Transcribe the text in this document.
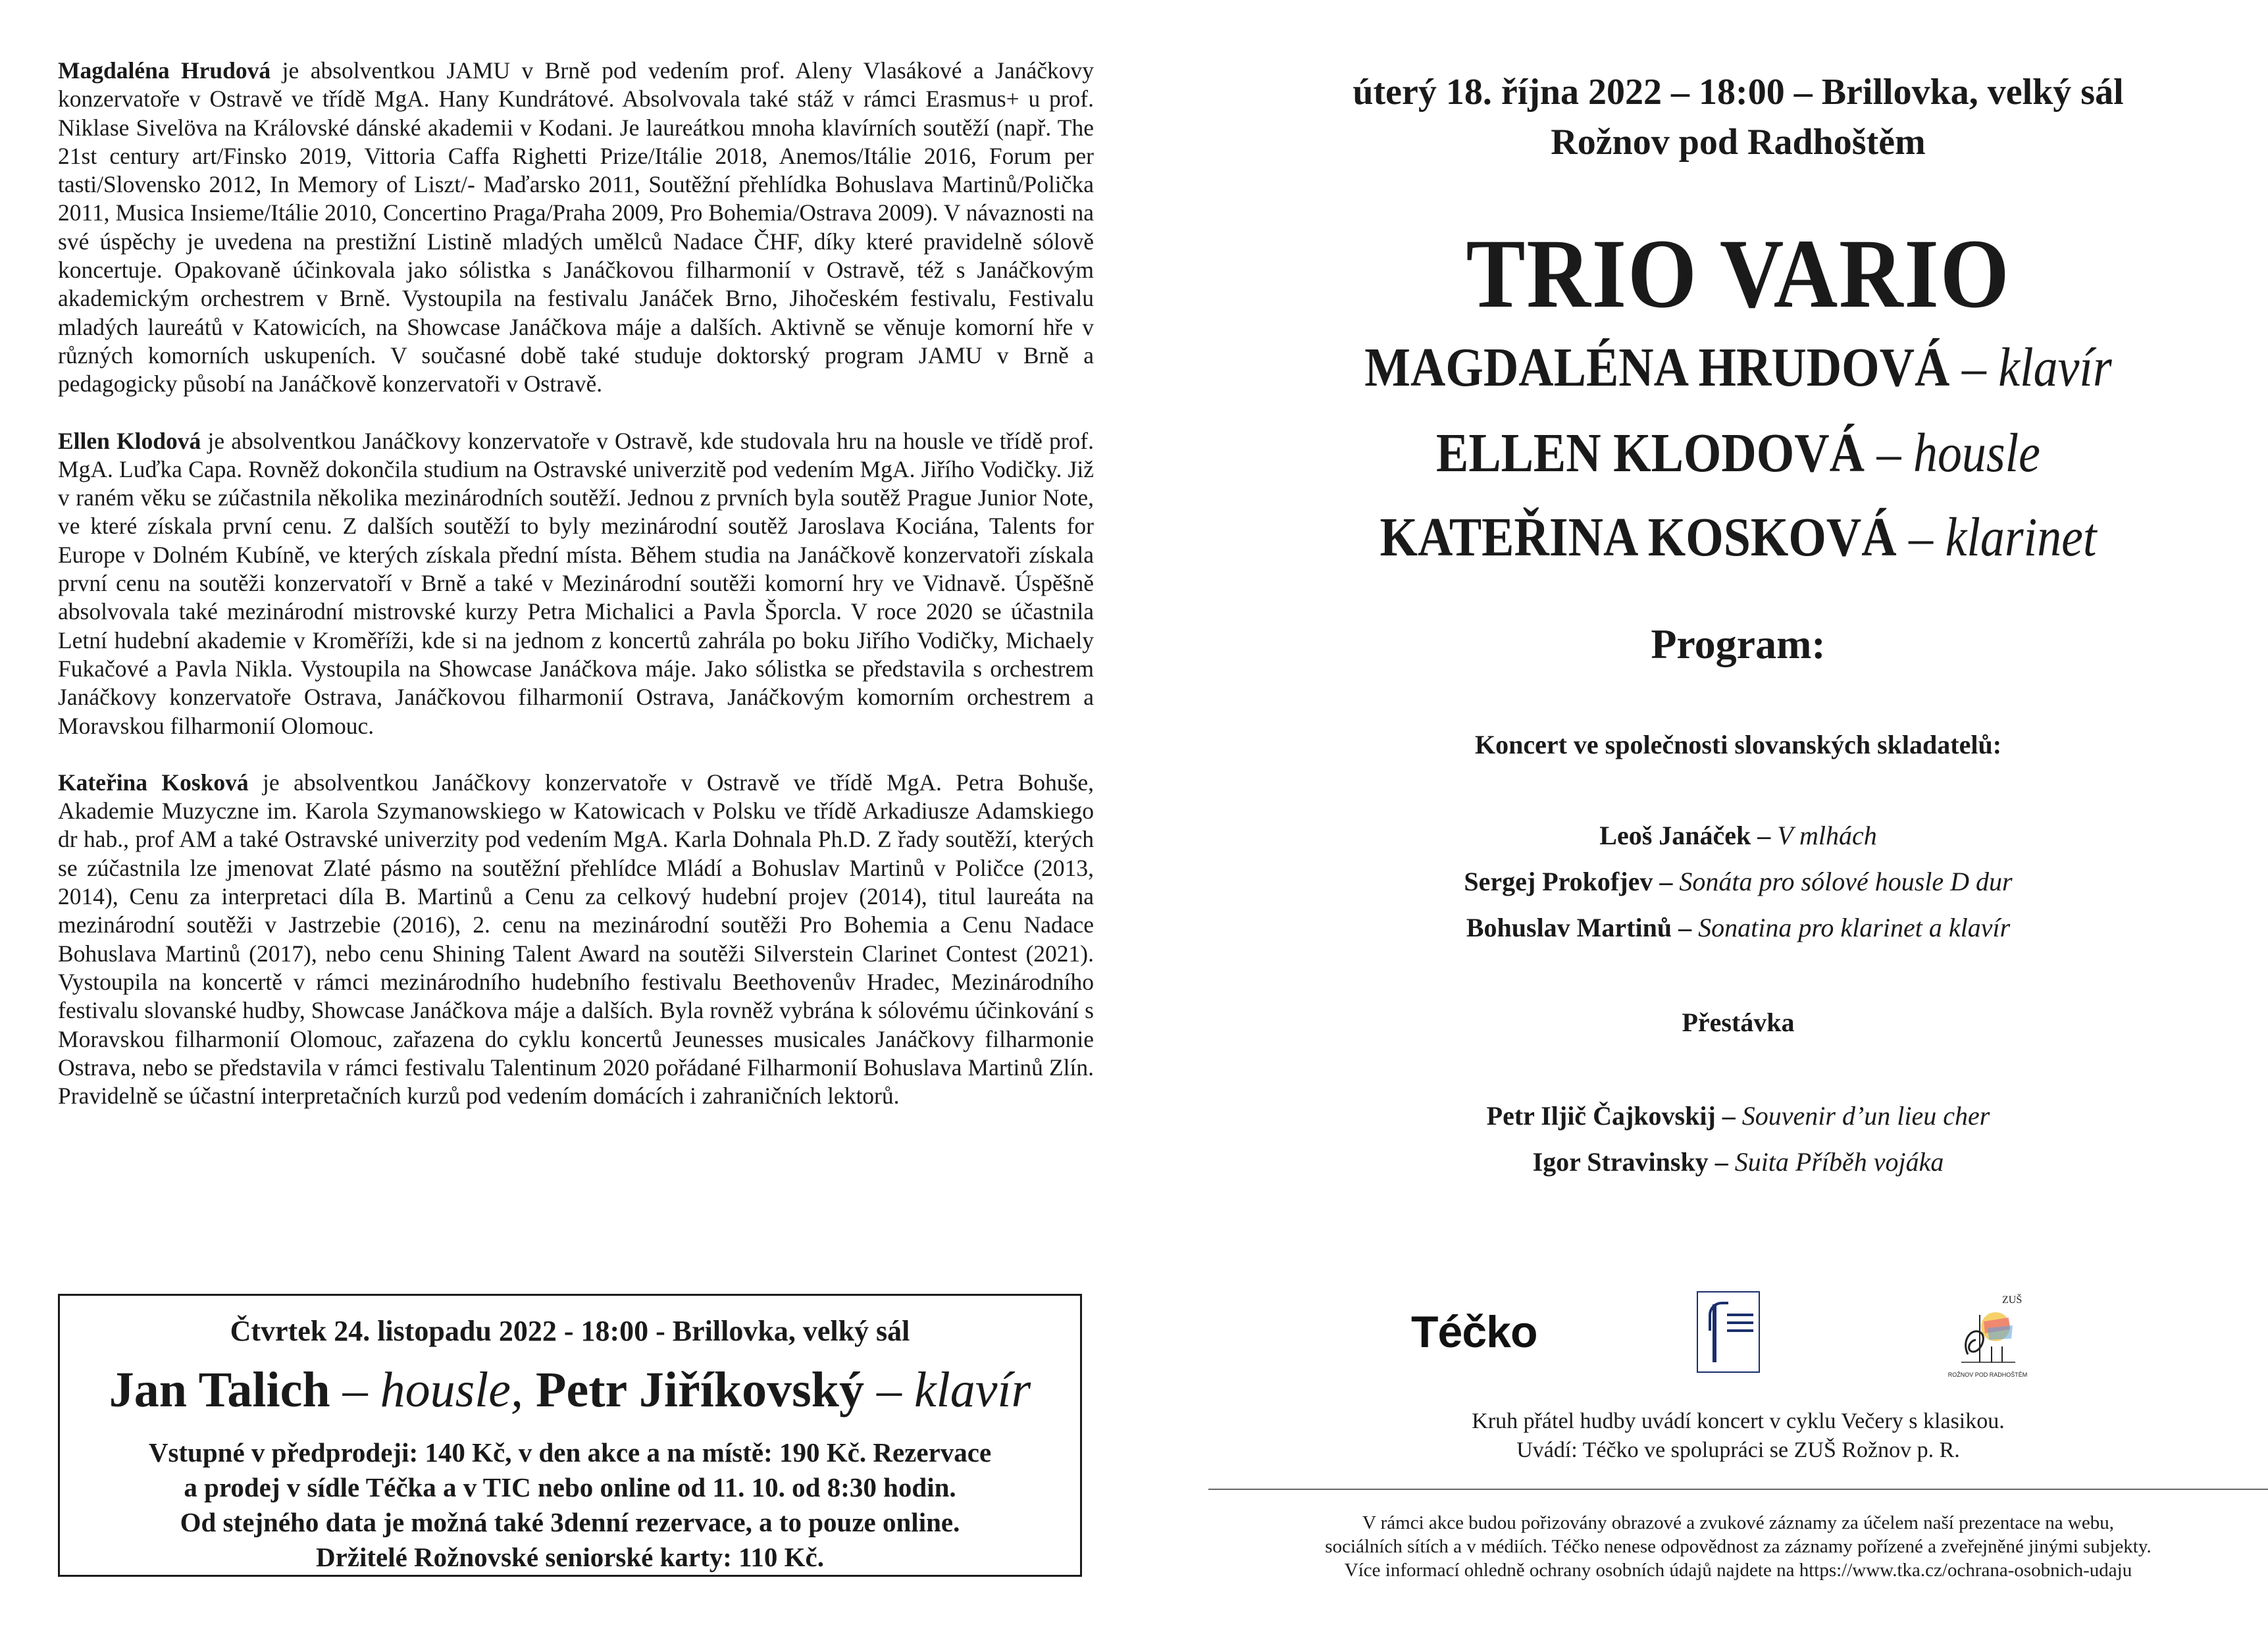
Magdaléna Hrudová je absolventkou JAMU v Brně pod vedením prof. Aleny Vlasákové a Janáčkovy konzervatoře v Ostravě ve třídě MgA. Hany Kundrátové. Absolvovala také stáž v rámci Erasmus+ u prof. Niklase Sivelöva na Královské dánské akademii v Kodani. Je laureátkou mnoha klavírních soutěží (např. The 21st century art/Finsko 2019, Vittoria Caffa Righetti Prize/Itálie 2018, Anemos/Itálie 2016, Forum per tasti/Slovensko 2012, In Memory of Liszt/- Maďarsko 2011, Soutěžní přehlídka Bohuslava Martinů/Polička 2011, Musica Insieme/Itálie 2010, Concertino Praga/Praha 2009, Pro Bohemia/Ostrava 2009). V návaznosti na své úspěchy je uvedena na prestižní Listině mladých umělců Nadace ČHF, díky které pravidelně sólově koncertuje. Opakovaně účinkovala jako sólistka s Janáčkovou filharmonií v Ostravě, též s Janáčkovým akademickým orchestrem v Brně. Vystoupila na festivalu Janáček Brno, Jihočeském festivalu, Festivalu mladých laureátů v Katowicích, na Showcase Janáčkova máje a dalších. Aktivně se věnuje komorní hře v různých komorních uskupeních. V současné době také studuje doktorský program JAMU v Brně a pedagogicky působí na Janáčkově konzervatoři v Ostravě.

Ellen Klodová je absolventkou Janáčkovy konzervatoře v Ostravě, kde studovala hru na housle ve třídě prof. MgA. Luďka Capa. Rovněž dokončila studium na Ostravské univerzitě pod vedením MgA. Jiřího Vodičky. Již v raném věku se zúčastnila několika mezinárodních soutěží. Jednou z prvních byla soutěž Prague Junior Note, ve které získala první cenu. Z dalších soutěží to byly mezinárodní soutěž Jaroslava Kociána, Talents for Europe v Dolném Kubíně, ve kterých získala přední místa. Během studia na Janáčkově konzervatoři získala první cenu na soutěži konzervatoří v Brně a také v Mezinárodní soutěži komorní hry ve Vidnavě. Úspěšně absolvovala také mezinárodní mistrovské kurzy Petra Michalici a Pavla Šporcla. V roce 2020 se účastnila Letní hudební akademie v Kroměříži, kde si na jednom z koncertů zahrála po boku Jiřího Vodičky, Michaely Fukačové a Pavla Nikla. Vystoupila na Showcase Janáčkova máje. Jako sólistka se představila s orchestrem Janáčkovy konzervatoře Ostrava, Janáčkovou filharmonií Ostrava, Janáčkovým komorním orchestrem a Moravskou filharmonií Olomouc.

Kateřina Kosková je absolventkou Janáčkovy konzervatoře v Ostravě ve třídě MgA. Petra Bohuše, Akademie Muzyczne im. Karola Szymanowskiego w Katowicach v Polsku ve třídě Arkadiusze Adamskiego dr hab., prof AM a také Ostravské univerzity pod vedením MgA. Karla Dohnala Ph.D. Z řady soutěží, kterých se zúčastnila lze jmenovat Zlaté pásmo na soutěžní přehlídce Mládí a Bohuslav Martinů v Poličce (2013, 2014), Cenu za interpretaci díla B. Martinů a Cenu za celkový hudební projev (2014), titul laureáta na mezinárodní soutěži v Jastrzebie (2016), 2. cenu na mezinárodní soutěži Pro Bohemia a Cenu Nadace Bohuslava Martinů (2017), nebo cenu Shining Talent Award na soutěži Silverstein Clarinet Contest (2021). Vystoupila na koncertě v rámci mezinárodního hudebního festivalu Beethovenův Hradec, Mezinárodního festivalu slovanské hudby, Showcase Janáčkova máje a dalších. Byla rovněž vybrána k sólovému účinkování s Moravskou filharmonií Olomouc, zařazena do cyklu koncertů Jeunesses musicales Janáčkovy filharmonie Ostrava, nebo se představila v rámci festivalu Talentinum 2020 pořádané Filharmonií Bohuslava Martinů Zlín. Pravidelně se účastní interpretačních kurzů pod vedením domácích i zahraničních lektorů.

Čtvrtek 24. listopadu 2022 - 18:00 - Brillovka, velký sál
Jan Talich – housle, Petr Jiříkovský – klavír
Vstupné v předprodeji: 140 Kč, v den akce a na místě: 190 Kč. Rezervace
a prodej v sídle Téčka a v TIC nebo online od 11. 10. od 8:30 hodin.
Od stejného data je možná také 3denní rezervace, a to pouze online.
Držitelé Rožnovské seniorské karty: 110 Kč.
úterý 18. října 2022 – 18:00 – Brillovka, velký sál
Rožnov pod Radhoštěm
TRIO VARIO
MAGDALÉNA HRUDOVÁ – klavír
ELLEN KLODOVÁ – housle
KATEŘINA KOSKOVÁ – klarinet
Program:
Koncert ve společnosti slovanských skladatelů:
Leoš Janáček – V mlhách
Sergej Prokofjev – Sonáta pro sólové housle D dur
Bohuslav Martinů – Sonatina pro klarinet a klavír
Přestávka
Petr Iljič Čajkovskij – Souvenir d’un lieu cher
Igor Stravinsky – Suita Příběh vojáka
Kruh přátel hudby uvádí koncert v cyklu Večery s klasikou.
Uvádí: Téčko ve spolupráci se ZUŠ Rožnov p. R.
V rámci akce budou pořizovány obrazové a zvukové záznamy za účelem naší prezentace na webu,
sociálních sítích a v médiích. Téčko nenese odpovědnost za záznamy pořízené a zveřejněné jinými subjekty.
Více informací ohledně ochrany osobních údajů najdete na https://www.tka.cz/ochrana-osobnich-udaju
Téčko
ZUŠ
ROŽNOV POD RADHOŠTĚM
